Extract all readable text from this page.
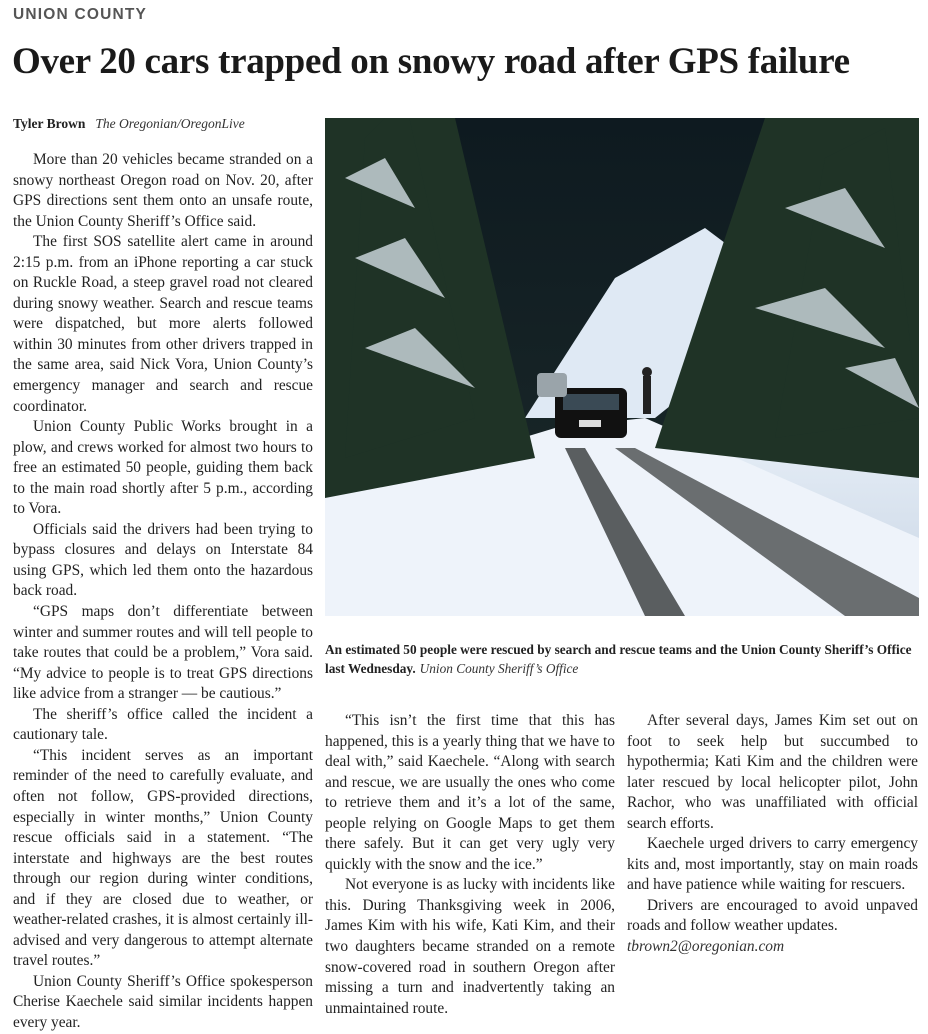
UNION COUNTY
Over 20 cars trapped on snowy road after GPS failure
Tyler Brown The Oregonian/OregonLive

More than 20 vehicles became stranded on a snowy northeast Oregon road on Nov. 20, after GPS directions sent them onto an unsafe route, the Union County Sheriff’s Office said.

The first SOS satellite alert came in around 2:15 p.m. from an iPhone reporting a car stuck on Ruckle Road, a steep gravel road not cleared during snowy weather. Search and rescue teams were dispatched, but more alerts followed within 30 minutes from other drivers trapped in the same area, said Nick Vora, Union County’s emergency manager and search and rescue coordinator.

Union County Public Works brought in a plow, and crews worked for almost two hours to free an estimated 50 people, guiding them back to the main road shortly after 5 p.m., according to Vora.

Officials said the drivers had been trying to bypass closures and delays on Interstate 84 using GPS, which led them onto the hazardous back road.

“GPS maps don’t differentiate between winter and summer routes and will tell people to take routes that could be a problem,” Vora said. “My advice to people is to treat GPS directions like advice from a stranger — be cautious.”

The sheriff’s office called the incident a cautionary tale.

“This incident serves as an important reminder of the need to carefully evaluate, and often not follow, GPS-provided directions, especially in winter months,” Union County rescue officials said in a statement. “The interstate and highways are the best routes through our region during winter conditions, and if they are closed due to weather, or weather-related crashes, it is almost certainly ill-advised and very dangerous to attempt alternate travel routes.”

Union County Sheriff’s Office spokesperson Cherise Kaechele said similar incidents happen every year.

An estimated 50 people were rescued by search and rescue teams and the Union County Sheriff’s Office last Wednesday. Union County Sheriff’s Office

“This isn’t the first time that this has happened, this is a yearly thing that we have to deal with,” said Kaechele. “Along with search and rescue, we are usually the ones who come to retrieve them and it’s a lot of the same, people relying on Google Maps to get them there safely. But it can get very ugly very quickly with the snow and the ice.”

Not everyone is as lucky with incidents like this. During Thanksgiving week in 2006, James Kim with his wife, Kati Kim, and their two daughters became stranded on a remote snow-covered road in southern Oregon after missing a turn and inadvertently taking an unmaintained route.

After several days, James Kim set out on foot to seek help but succumbed to hypothermia; Kati Kim and the children were later rescued by local helicopter pilot, John Rachor, who was unaffiliated with official search efforts.

Kaechele urged drivers to carry emergency kits and, most importantly, stay on main roads and have patience while waiting for rescuers.

Drivers are encouraged to avoid unpaved roads and follow weather updates.

tbrown2@oregonian.com
